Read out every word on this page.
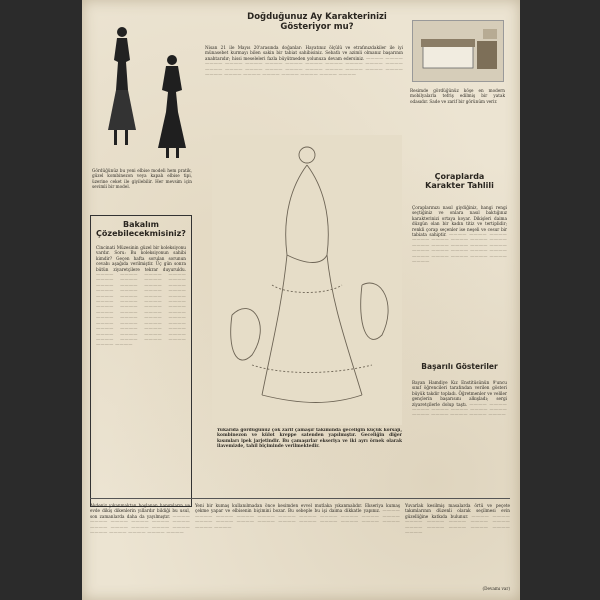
Doğduğunuz Ay Karakterinizi
Gösteriyor mu?
Nisan 21 ile Mayıs 20'arasında doğanlar: Hayatınız ölçülü ve etrafınızdakiler ile iyi münasebet kurmayı bilen sakin bir tabiat sahibisiniz. Sebatlı ve azimli olmanız başarının anahtarıdır; hissi meseleleri fazla büyütmeden yolunuza devam edersiniz. ———— ———— ———— ———— ———— ———— ———— ———— ———— ———— ———— ———— ———— ———— ———— ———— ———— ———— ———— ———— ———— ———— ———— ———— ———— ———— ———— ———— ———— ————
Resimde gördüğünüz köşe en modern mobilyalarla tefriş edilmiş bir yatak odasıdır. Sade ve zarif bir görünüm verir.
Gördüğünüz bu yeni elbise modeli hem pratik, güzel kombinezon veya kapalı elbise tipi, üzerine ceket ile giyilebilir. Her mevsim için sevimli bir model.
Bakalım
Çözebilecekmisiniz?
Cincinati Müzesinin güzel bir koleksiyonu vardır. Soru: Bu koleksiyonun sahibi kimdir? Geçen hafta sorulan sorunun cevabı aşağıda verilmiştir. Üç gün sonra bütün ziyaretçilere tekrar duyuruldu. ———— ———— ———— ———— ———— ———— ———— ———— ———— ———— ———— ———— ———— ———— ———— ———— ———— ———— ———— ———— ———— ———— ———— ———— ———— ———— ———— ———— ———— ———— ———— ———— ———— ———— ———— ———— ———— ———— ———— ———— ———— ———— ———— ———— ———— ———— ———— ———— ———— ———— ———— ———— ———— ————
Yukarıda gördüğünüz çok zarif çamaşır takımında geceliğin küçük korsajı, kombinezon ve külot kreppe satenden yapılmıştır. Geceliğin diğer kısımları ipek jarjetindir. Bu çamaşırlar ekseriya ve iki ayrı örnek olarak ilavemizde, tahil biçiminde verilmektedir.
Çoraplarda
Karakter Tahlili
Çoraplarınızı nasıl giydiğiniz, hangi rengi seçtiğiniz ve onlara nasıl baktığınız karakterinizi ortaya koyar. Dikişleri daima düzgün olan bir kadın titiz ve tertiplidir; renkli çorap seçenler ise neşeli ve cesur bir tabiata sahiptir. ———— ———— ———— ———— ———— ———— ———— ———— ———— ———— ———— ———— ———— ———— ———— ———— ———— ———— ———— ———— ———— ———— ———— ————
Başarılı Gösteriler
Bayan Hamdiye Kız Enstitüsünün 9'uncu sınıf öğrencileri tarafından verilen gösteri büyük takdir topladı. Öğretmenler ve veliler gençlerin başarısını alkışladı; sergi ziyaretçilerle dolup taştı. ———— ———— ———— ———— ———— ———— ———— ———— ———— ———— ———— ————
Akdeniz yıkanmaktan hoşlanan hanımların ve evde dikiş dikenlerin yıllardır bildiği bu usul, son zamanlarda daha da yayılmıştır. ———— ———— ———— ———— ———— ———— ———— ———— ———— ———— ———— ———— ———— ———— ———— ————
Yeni bir kumaş kullanılmadan önce kesimden evvel mutlaka yıkanmalıdır. Ekseriya kumaş çekme yapar ve elbisenin biçimini bozar. Bu sebeple bu işi daima dikkatle yapınız. ———— ———— ———— ———— ———— ———— ———— ———— ———— ———— ———— ———— ———— ———— ———— ———— ———— ———— ———— ———— ———— ———— ————
Yuvarlak kesilmiş masalarda örtü ve peçete takımlarının düzenli olarak seçilmesi evin güzelliğine katkıda bulunur. ———— ———— ———— ———— ———— ———— ———— ———— ———— ———— ———— ———— ————
(Devamı var)
